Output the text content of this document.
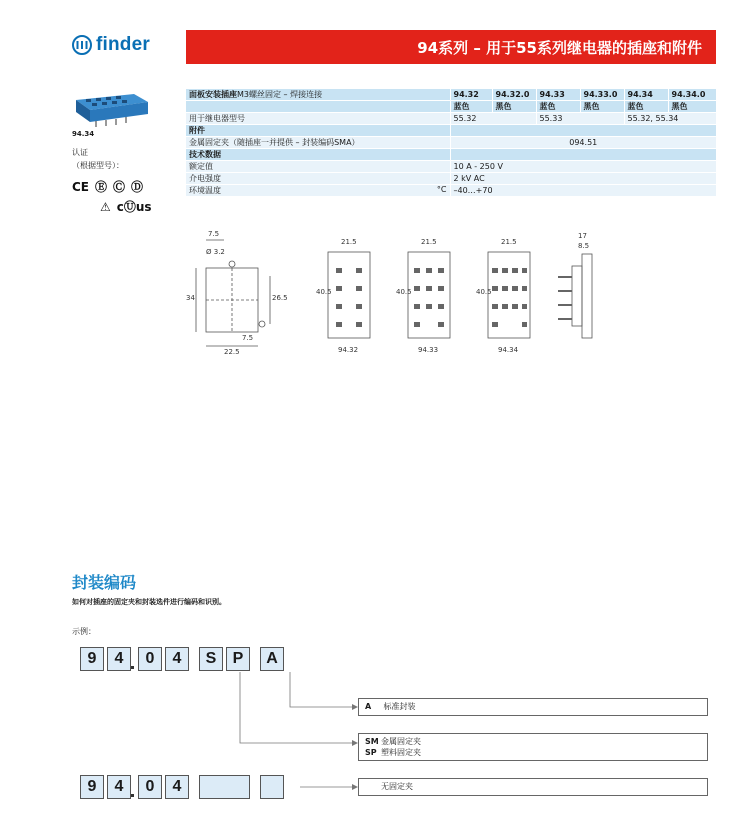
finder	94系列 – 用于55系列继电器的插座和附件
94.34
认证
（根据型号）：
CE Ⓔ Ⓒ Ⓓ
⚠ cⓊus
面板安装插座M3螺丝固定 – 焊接连接	94.32	94.32.0	94.33	94.33.0	94.34	94.34.0
	蓝色	黑色	蓝色	黑色	蓝色	黑色
用于继电器型号	55.32		55.33		55.32, 55.34	
附件						
金属固定夹（随插座一并提供 – 封装编码SMA）	094.51					
技术数据						
额定值	10 A - 250 V					
介电强度	2 kV AC					
环境温度 °C	–40…+70					
7.5
Ø 3.2
34	26.5
7.5
22.5
21.5
40.5
21.5
40.5
21.5
40.5
17
8.5
94.32	94.33	94.34
封装编码
如何对插座的固定夹和封装选件进行编码和识别。
示例：
9	4	0	4	S	P	A
9	4	0	4
A 标准封装
SM 金属固定夹
SP 塑料固定夹
无固定夹
